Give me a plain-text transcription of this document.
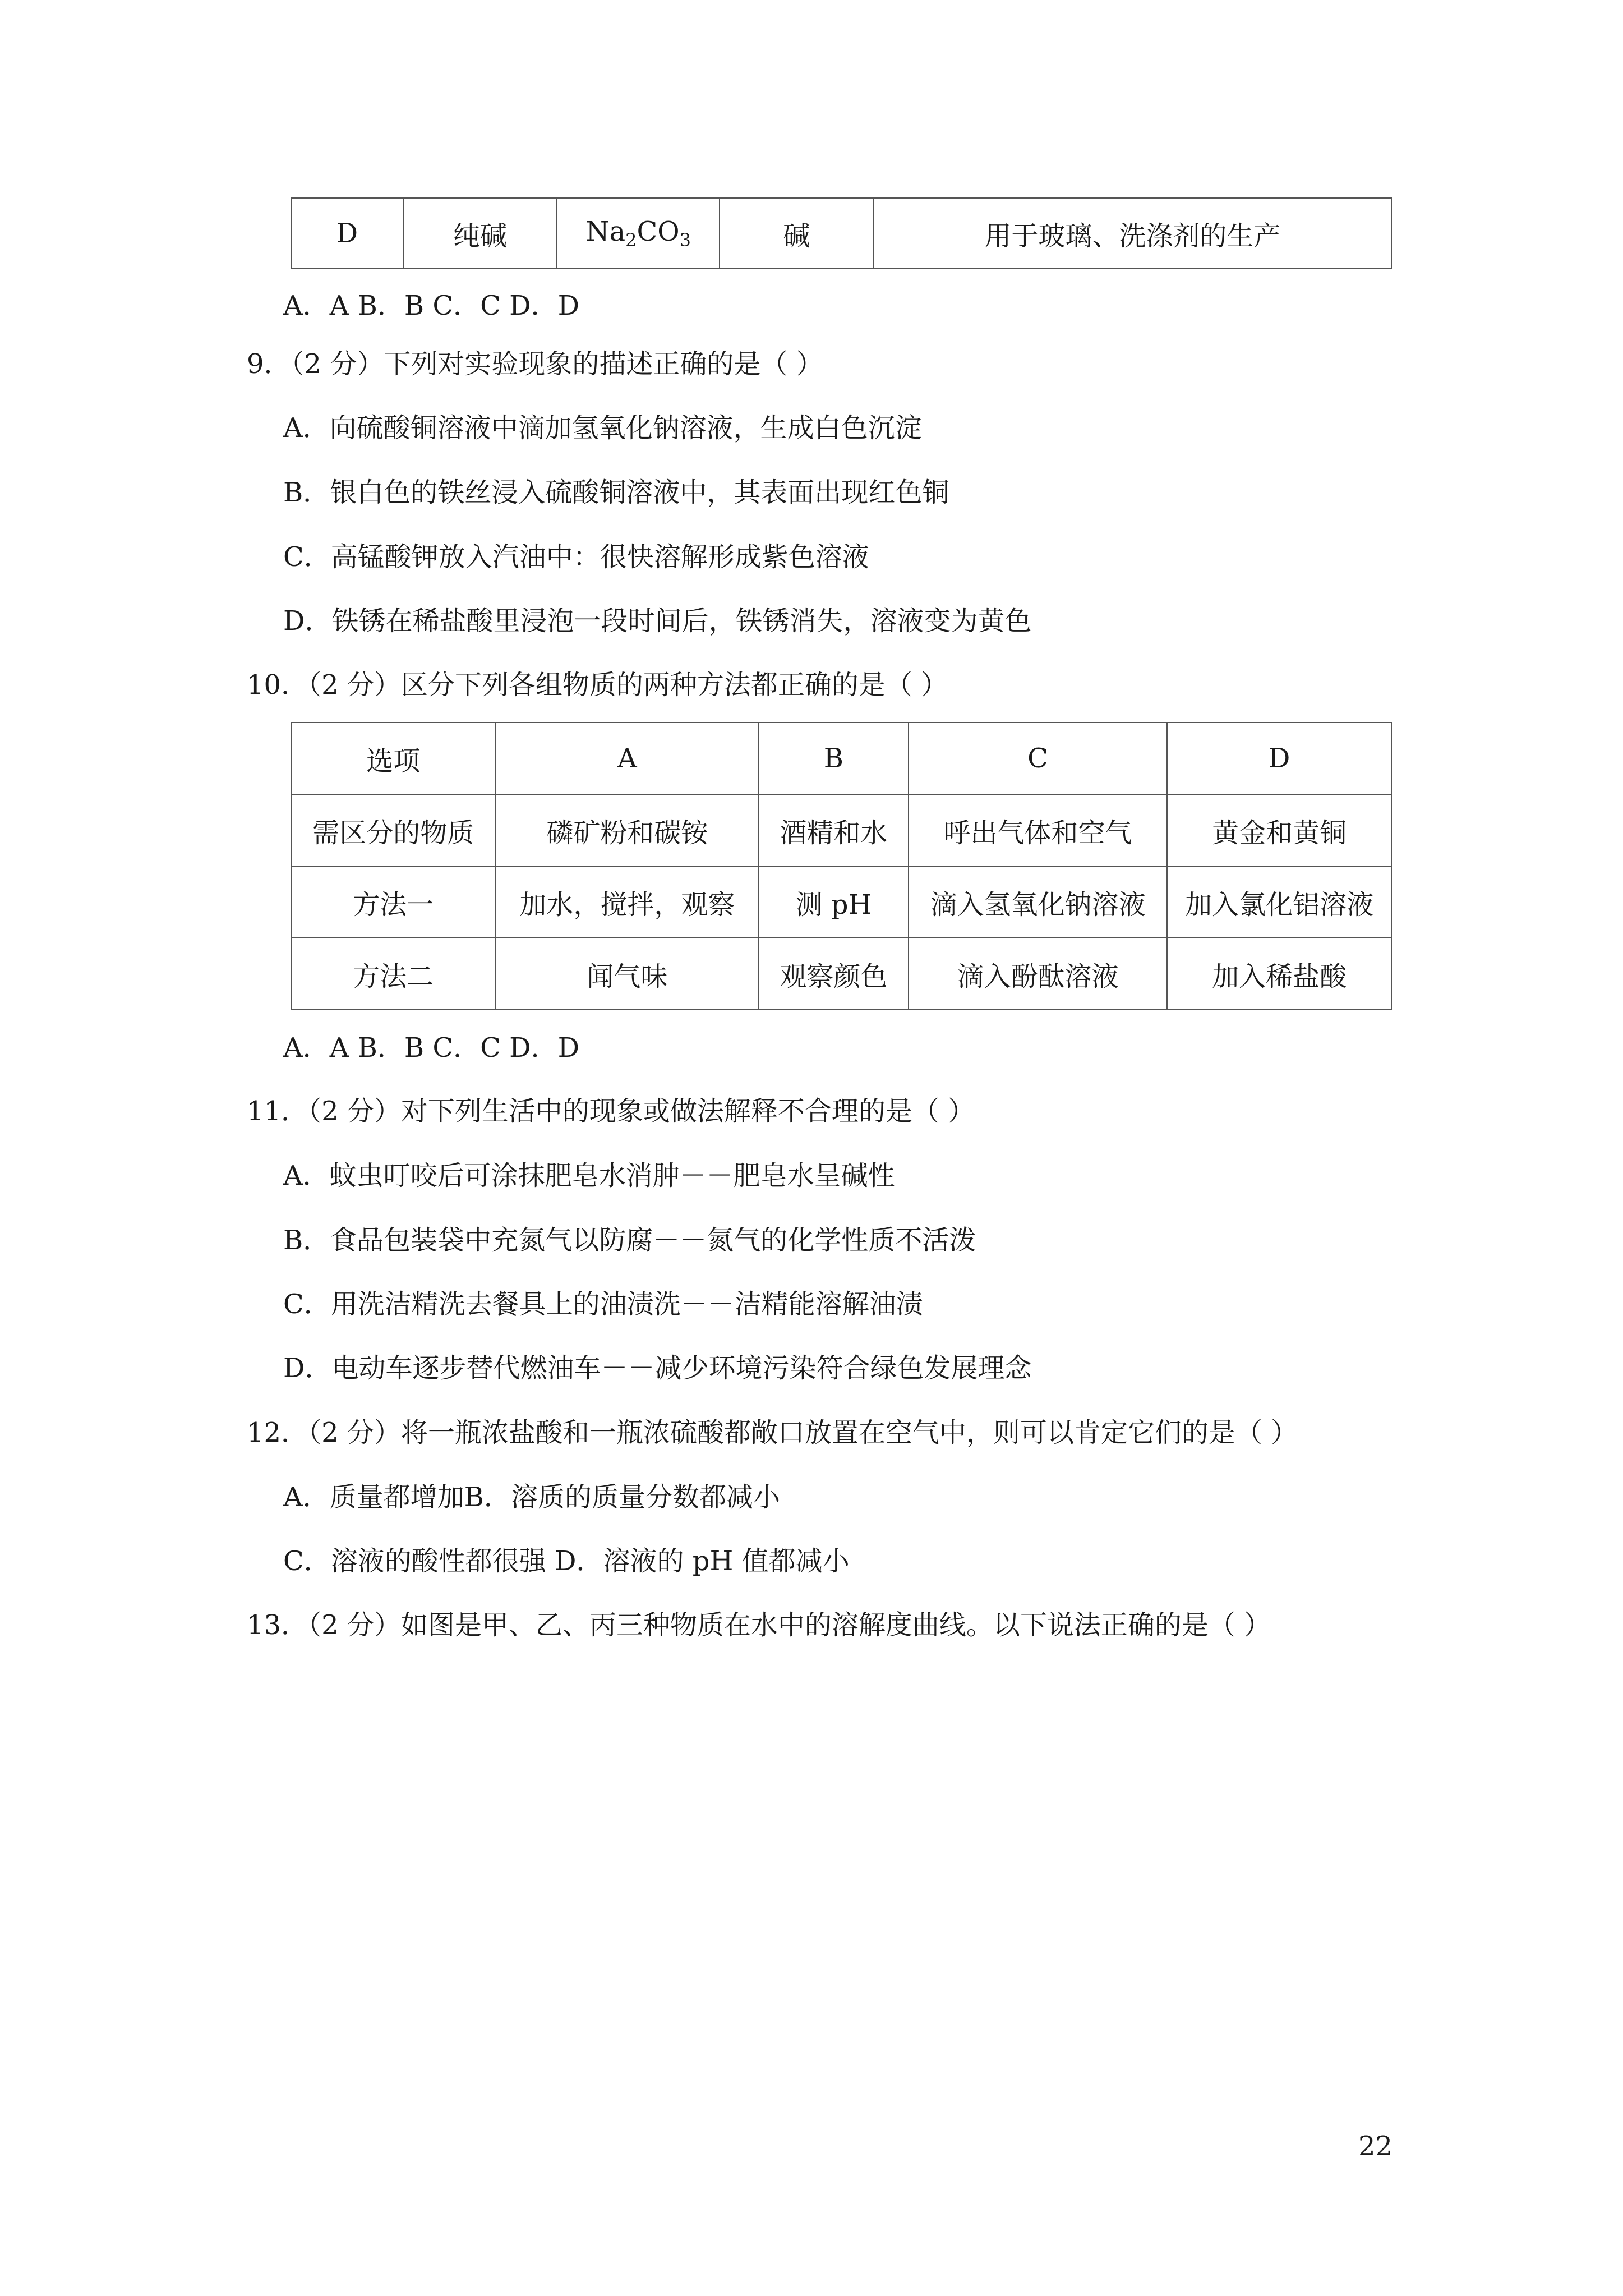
D	纯碱	$Na_2CO_3$	碱	用于玻璃、洗涤剂的生产
A．A B．B C．C D．D
9．（2 分）下列对实验现象的描述正确的是（ ）
A．向硫酸铜溶液中滴加氢氧化钠溶液，生成白色沉淀
B．银白色的铁丝浸入硫酸铜溶液中，其表面出现红色铜
C．高锰酸钾放入汽油中：很快溶解形成紫色溶液
D．铁锈在稀盐酸里浸泡一段时间后，铁锈消失，溶液变为黄色
10．（2 分）区分下列各组物质的两种方法都正确的是（ ）
选项	A	B	C	D
需区分的物质	磷矿粉和碳铵	酒精和水	呼出气体和空气	黄金和黄铜
方法一	加水，搅拌，观察	测 pH	滴入氢氧化钠溶液	加入氯化铝溶液
方法二	闻气味	观察颜色	滴入酚酞溶液	加入稀盐酸
A．A B．B C．C D．D
11．（2 分）对下列生活中的现象或做法解释不合理的是（ ）
A．蚊虫叮咬后可涂抹肥皂水消肿－－肥皂水呈碱性
B．食品包装袋中充氮气以防腐－－氮气的化学性质不活泼
C．用洗洁精洗去餐具上的油渍洗－－洁精能溶解油渍
D．电动车逐步替代燃油车－－减少环境污染符合绿色发展理念
12．（2 分）将一瓶浓盐酸和一瓶浓硫酸都敞口放置在空气中，则可以肯定它们的是（ ）
A．质量都增加B．溶质的质量分数都减小
C．溶液的酸性都很强 D．溶液的 pH 值都减小
13．（2 分）如图是甲、乙、丙三种物质在水中的溶解度曲线。以下说法正确的是（ ）
22
